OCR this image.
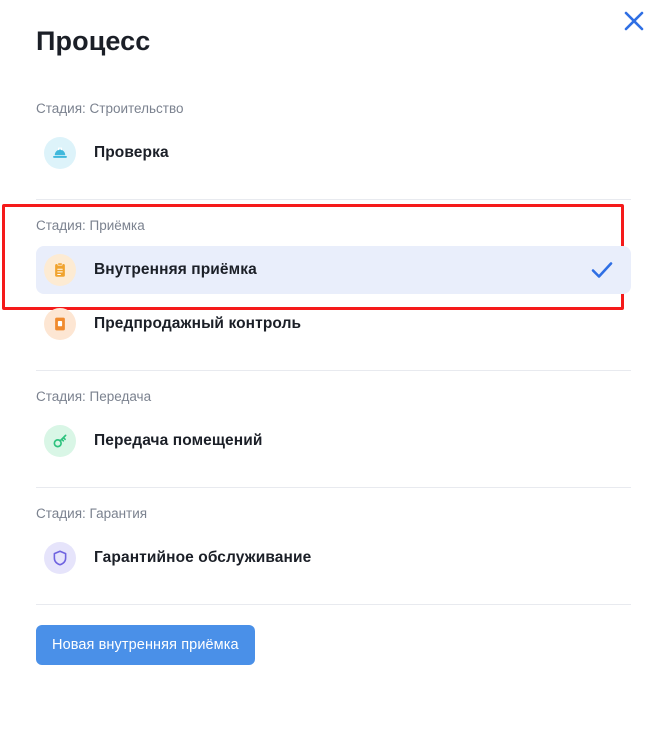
Процесс
Стадия: Строительство
Проверка
Стадия: Приёмка
Внутренняя приёмка
Предпродажный контроль
Стадия: Передача
Передача помещений
Стадия: Гарантия
Гарантийное обслуживание
Новая внутренняя приёмка
